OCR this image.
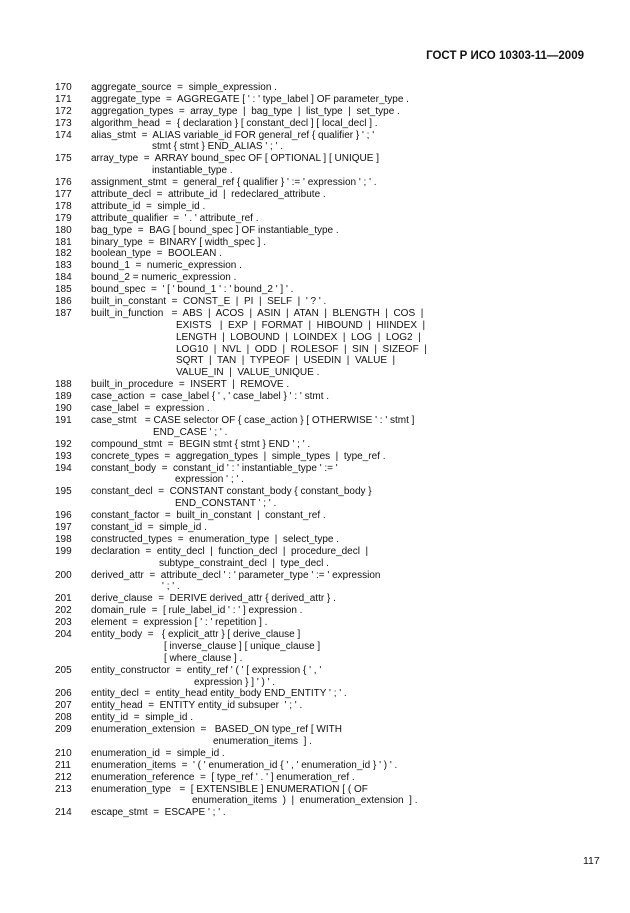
ГОСТ Р ИСО 10303-11—2009
170 aggregate_source  =  simple_expression .
171 aggregate_type  =  AGGREGATE [ ' : ' type_label ] OF parameter_type .
172 aggregation_types  =  array_type  |  bag_type  |  list_type  |  set_type .
173 algorithm_head  =  { declaration } [ constant_decl ] [ local_decl ] .
174 alias_stmt  =  ALIAS variable_id FOR general_ref { qualifier } ' ; '
stmt { stmt } END_ALIAS ' ; ' .
175 array_type  =  ARRAY bound_spec OF [ OPTIONAL ] [ UNIQUE ]
instantiable_type .
176 assignment_stmt  =  general_ref { qualifier } ' := ' expression ' ; ' .
177 attribute_decl  =  attribute_id  |  redeclared_attribute .
178 attribute_id  =  simple_id .
179 attribute_qualifier  =  ' . ' attribute_ref .
180 bag_type  =  BAG [ bound_spec ] OF instantiable_type .
181 binary_type  =  BINARY [ width_spec ] .
182 boolean_type  =  BOOLEAN .
183 bound_1  =  numeric_expression .
184 bound_2 = numeric_expression .
185 bound_spec  =  ' [ ' bound_1 ' : ' bound_2 ' ] ' .
186 built_in_constant  =  CONST_E  |  PI  |  SELF  |  ' ? ' .
187 built_in_function   =  ABS  |  ACOS  |  ASIN  |  ATAN  |  BLENGTH  |  COS  |
EXISTS   |  EXP  |  FORMAT  |  HIBOUND  |  HIINDEX  |
LENGTH  |  LOBOUND  |  LOINDEX  |  LOG  |  LOG2  |
LOG10  |  NVL  |  ODD  |  ROLESOF  |  SIN  |  SIZEOF  |
SQRT  |  TAN  |  TYPEOF  |  USEDIN  |  VALUE  |
VALUE_IN  |  VALUE_UNIQUE .
188 built_in_procedure  =  INSERT  |  REMOVE .
189 case_action  =  case_label { ' , ' case_label } ' : ' stmt .
190 case_label  =  expression .
191 case_stmt   = CASE selector OF { case_action } [ OTHERWISE ' : ' stmt ]
END_CASE ' ; ' .
192 compound_stmt  =  BEGIN stmt { stmt } END ' ; ' .
193 concrete_types  =  aggregation_types  |  simple_types  |  type_ref .
194 constant_body  =  constant_id ' : ' instantiable_type ' := '
expression ' ; ' .
195 constant_decl  =  CONSTANT constant_body { constant_body }
END_CONSTANT ' ; ' .
196 constant_factor  =  built_in_constant  |  constant_ref .
197 constant_id  =  simple_id .
198 constructed_types  =  enumeration_type  |  select_type .
199 declaration  =  entity_decl  |  function_decl  |  procedure_decl  |
subtype_constraint_decl  |  type_decl .
200 derived_attr  =  attribute_decl ' : ' parameter_type ' := ' expression
' ; ' .
201 derive_clause  =  DERIVE derived_attr { derived_attr } .
202 domain_rule  =  [ rule_label_id ' : ' ] expression .
203 element  =  expression [ ' : ' repetition ] .
204 entity_body  =   { explicit_attr } [ derive_clause ]
[ inverse_clause ] [ unique_clause ]
[ where_clause ] .
205 entity_constructor  =  entity_ref ' ( ' [ expression { ' , '
expression } ] ' ) ' .
206 entity_decl  =  entity_head entity_body END_ENTITY ' ; ' .
207 entity_head  =  ENTITY entity_id subsuper  ' ; ' .
208 entity_id  =  simple_id .
209 enumeration_extension  =   BASED_ON type_ref [ WITH
enumeration_items  ] .
210 enumeration_id  =  simple_id .
211 enumeration_items  =  ' ( ' enumeration_id { ' , ' enumeration_id } ' ) ' .
212 enumeration_reference  =  [ type_ref ' . ' ] enumeration_ref .
213 enumeration_type   =  [ EXTENSIBLE ] ENUMERATION [ ( OF
enumeration_items  )  |  enumeration_extension  ] .
214 escape_stmt  =  ESCAPE ' ; ' .
117
